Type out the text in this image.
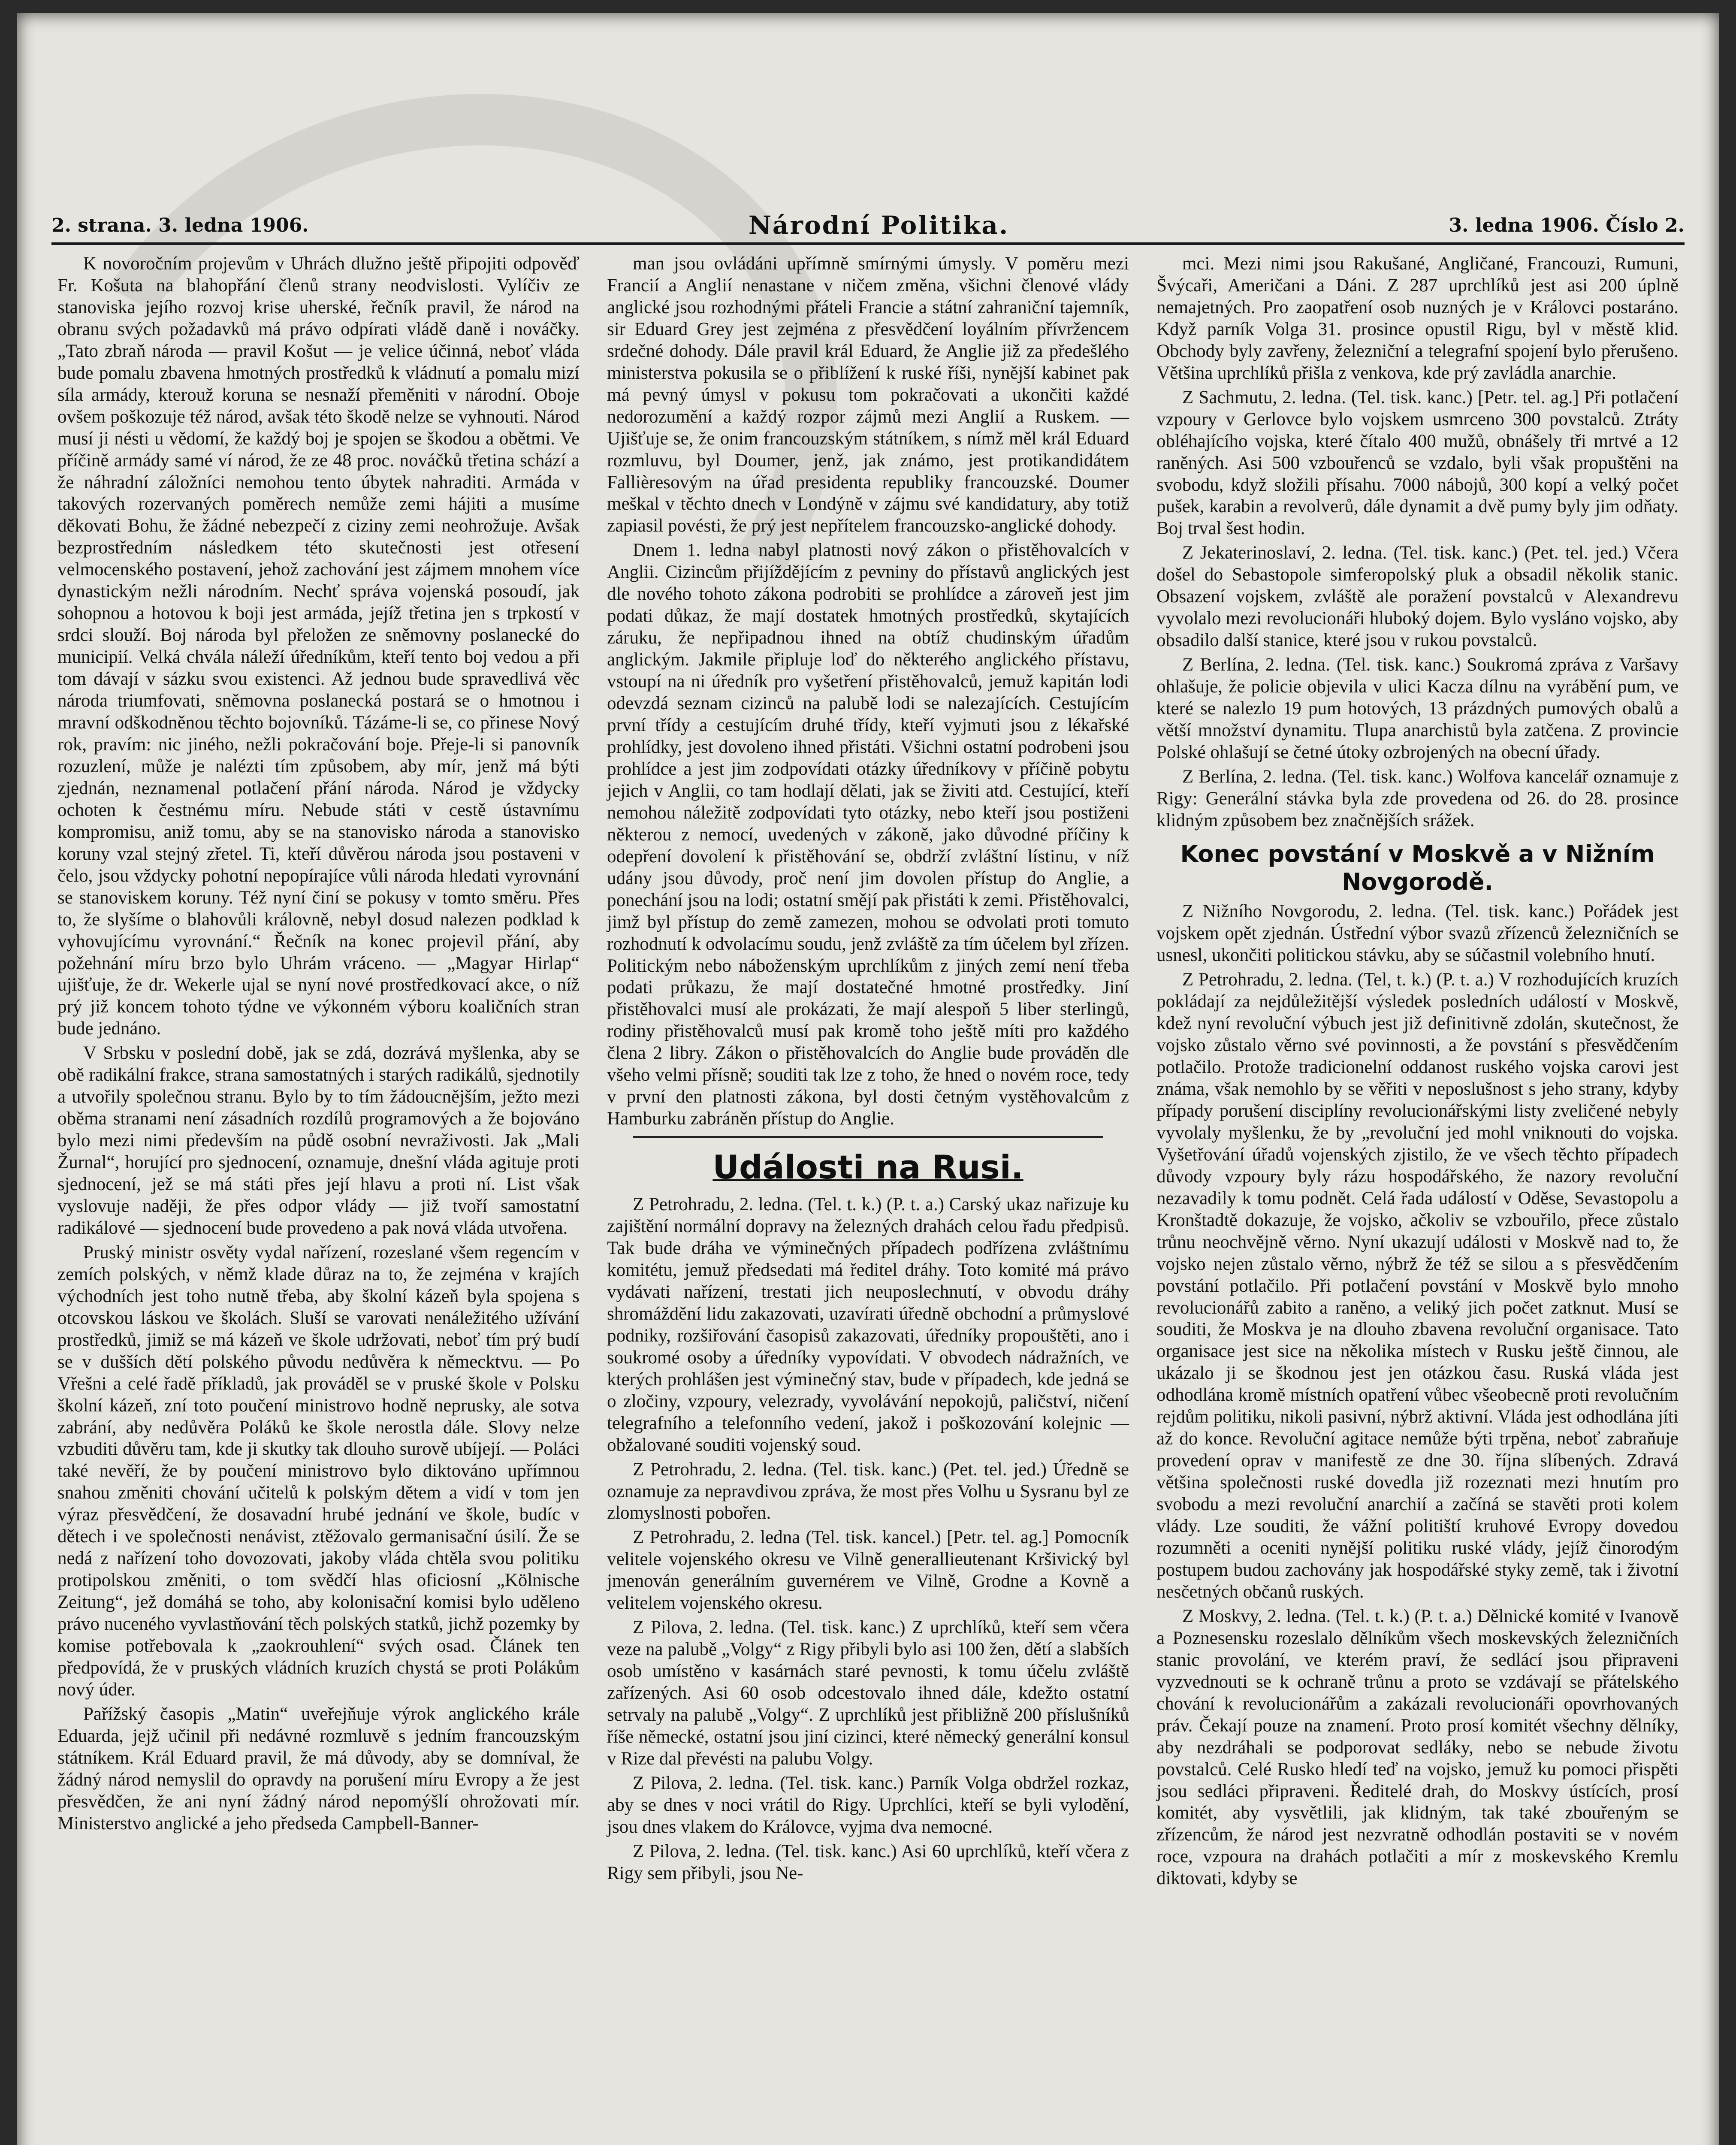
2. strana. 3. ledna 1906.	Národní Politika.	3. ledna 1906. Číslo 2.

K novoročním projevům v Uhrách dlužno ještě připojiti odpověď Fr. Košuta na blahopřání členů strany neodvislosti. Vylíčiv ze stanoviska jejího rozvoj krise uherské, řečník pravil, že národ na obranu svých požadavků má právo odpírati vládě daně i nováčky. „Tato zbraň národa — pravil Košut — je velice účinná, neboť vláda bude pomalu zbavena hmotných prostředků k vládnutí a pomalu mizí síla armády, kterouž koruna se nesnaží přeměniti v národní. Oboje ovšem poškozuje též národ, avšak této škodě nelze se vyhnouti. Národ musí ji nésti u vědomí, že každý boj je spojen se škodou a obětmi. Ve příčině armády samé ví národ, že ze 48 proc. nováčků třetina schází a že náhradní záložníci nemohou tento úbytek nahraditi. Armáda v takových rozervaných poměrech nemůže zemi hájiti a musíme děkovati Bohu, že žádné nebezpečí z ciziny zemi neohrožuje. Avšak bezprostředním následkem této skutečnosti jest otřesení velmocenského postavení, jehož zachování jest zájmem mnohem více dynastickým nežli národním. Nechť správa vojenská posoudí, jak sohopnou a hotovou k boji jest armáda, jejíž třetina jen s trpkostí v srdci slouží. Boj národa byl přeložen ze sněmovny poslanecké do municipií. Velká chvála náleží úředníkům, kteří tento boj vedou a při tom dávají v sázku svou existenci. Až jednou bude spravedlivá věc národa triumfovati, sněmovna poslanecká postará se o hmotnou i mravní odškodněnou těchto bojovníků. Tázáme-li se, co přinese Nový rok, pravím: nic jiného, nežli pokračování boje. Přeje-li si panovník rozuzlení, může je nalézti tím způsobem, aby mír, jenž má býti zjednán, neznamenal potlačení přání národa. Národ je vždycky ochoten k čestnému míru. Nebude státi v cestě ústavnímu kompromisu, aniž tomu, aby se na stanovisko národa a stanovisko koruny vzal stejný zřetel. Ti, kteří důvěrou národa jsou postaveni v čelo, jsou vždycky pohotní nepopírajíce vůli národa hledati vyrovnání se stanoviskem koruny. Též nyní činí se pokusy v tomto směru. Přes to, že slyšíme o blahovůli královně, nebyl dosud nalezen podklad k vyhovujícímu vyrovnání.“ Řečník na konec projevil přání, aby požehnání míru brzo bylo Uhrám vráceno. — „Magyar Hirlap“ ujišťuje, že dr. Wekerle ujal se nyní nové prostředkovací akce, o níž prý již koncem tohoto týdne ve výkonném výboru koaličních stran bude jednáno.

V Srbsku v poslední době, jak se zdá, dozrává myšlenka, aby se obě radikální frakce, strana samostatných i starých radikálů, sjednotily a utvořily společnou stranu. Bylo by to tím žádoucnějším, ježto mezi oběma stranami není zásadních rozdílů programových a že bojováno bylo mezi nimi především na půdě osobní nevraživosti. Jak „Mali Žurnal“, horující pro sjednocení, oznamuje, dnešní vláda agituje proti sjednocení, jež se má státi přes její hlavu a proti ní. List však vyslovuje naději, že přes odpor vlády — již tvoří samostatní radikálové — sjednocení bude provedeno a pak nová vláda utvořena.

Pruský ministr osvěty vydal nařízení, rozeslané všem regencím v zemích polských, v němž klade důraz na to, že zejména v krajích východních jest toho nutně třeba, aby školní kázeň byla spojena s otcovskou láskou ve školách. Sluší se varovati nenáležitého užívání prostředků, jimiž se má kázeň ve škole udržovati, neboť tím prý budí se v dušších dětí polského původu nedůvěra k německtvu. — Po Vřešni a celé řadě příkladů, jak prováděl se v pruské škole v Polsku školní kázeň, zní toto poučení ministrovo hodně neprusky, ale sotva zabrání, aby nedůvěra Poláků ke škole nerostla dále. Slovy nelze vzbuditi důvěru tam, kde ji skutky tak dlouho surově ubíjejí. — Poláci také nevěří, že by poučení ministrovo bylo diktováno upřímnou snahou změniti chování učitelů k polským dětem a vidí v tom jen výraz přesvědčení, že dosavadní hrubé jednání ve škole, budíc v dětech i ve společnosti nenávist, ztěžovalo germanisační úsilí. Že se nedá z nařízení toho dovozovati, jakoby vláda chtěla svou politiku protipolskou změniti, o tom svědčí hlas oficiosní „Kölnische Zeitung“, jež domáhá se toho, aby kolonisační komisi bylo uděleno právo nuceného vyvlastňování těch polských statků, jichž pozemky by komise potřebovala k „zaokrouhlení“ svých osad. Článek ten předpovídá, že v pruských vládních kruzích chystá se proti Polákům nový úder.

Pařížský časopis „Matin“ uveřejňuje výrok anglického krále Eduarda, jejž učinil při nedávné rozmluvě s jedním francouzským státníkem. Král Eduard pravil, že má důvody, aby se domníval, že žádný národ nemyslil do opravdy na porušení míru Evropy a že jest přesvědčen, že ani nyní žádný národ nepomýšlí ohrožovati mír. Ministerstvo anglické a jeho předseda Campbell-Banner-

man jsou ovládáni upřímně smírnými úmysly. V poměru mezi Francií a Anglií nenastane v ničem změna, všichni členové vlády anglické jsou rozhodnými přáteli Francie a státní zahraniční tajemník, sir Eduard Grey jest zejména z přesvědčení loyálním přívržencem srdečné dohody. Dále pravil král Eduard, že Anglie již za předešlého ministerstva pokusila se o přiblížení k ruské říši, nynější kabinet pak má pevný úmysl v pokusu tom pokračovati a ukončiti každé nedorozumění a každý rozpor zájmů mezi Anglií a Ruskem. — Ujišťuje se, že onim francouzským státníkem, s nímž měl král Eduard rozmluvu, byl Doumer, jenž, jak známo, jest protikandidátem Fallièresovým na úřad presidenta republiky francouzské. Doumer meškal v těchto dnech v Londýně v zájmu své kandidatury, aby totiž zapiasil povésti, že prý jest nepřítelem francouzsko-anglické dohody.

Dnem 1. ledna nabyl platnosti nový zákon o přistěhovalcích v Anglii. Cizincům přijíždějícím z pevniny do přístavů anglických jest dle nového tohoto zákona podrobiti se prohlídce a zároveň jest jim podati důkaz, že mají dostatek hmotných prostředků, skytajících záruku, že nepřipadnou ihned na obtíž chudinským úřadům anglickým. Jakmile připluje loď do některého anglického přístavu, vstoupí na ni úředník pro vyšetření přistěhovalců, jemuž kapitán lodi odevzdá seznam cizinců na palubě lodi se nalezajících. Cestujícím první třídy a cestujícím druhé třídy, kteří vyjmuti jsou z lékařské prohlídky, jest dovoleno ihned přistáti. Všichni ostatní podrobeni jsou prohlídce a jest jim zodpovídati otázky úředníkovy v příčině pobytu jejich v Anglii, co tam hodlají dělati, jak se živiti atd. Cestující, kteří nemohou náležitě zodpovídati tyto otázky, nebo kteří jsou postiženi některou z nemocí, uvedených v zákoně, jako důvodné příčiny k odepření dovolení k přistěhování se, obdrží zvláštní lístinu, v níž udány jsou důvody, proč není jim dovolen přístup do Anglie, a ponechání jsou na lodi; ostatní smějí pak přistáti k zemi. Přistěhovalci, jimž byl přístup do země zamezen, mohou se odvolati proti tomuto rozhodnutí k odvolacímu soudu, jenž zvláště za tím účelem byl zřízen. Politickým nebo náboženským uprchlíkům z jiných zemí není třeba podati průkazu, že mají dostatečné hmotné prostředky. Jiní přistěhovalci musí ale prokázati, že mají alespoň 5 liber sterlingů, rodiny přistěhovalců musí pak kromě toho ještě míti pro každého člena 2 libry. Zákon o přistěhovalcích do Anglie bude prováděn dle všeho velmi přísně; souditi tak lze z toho, že hned o novém roce, tedy v první den platnosti zákona, byl dosti četným vystěhovalcům z Hamburku zabráněn přístup do Anglie.

Události na Rusi.

Z Petrohradu, 2. ledna. (Tel. t. k.) (P. t. a.) Carský ukaz nařizuje ku zajištění normální dopravy na železných drahách celou řadu předpisů. Tak bude dráha ve výminečných případech podřízena zvláštnímu komitétu, jemuž předsedati má ředitel dráhy. Toto komité má právo vydávati nařízení, trestati jich neuposlechnutí, v obvodu dráhy shromáždění lidu zakazovati, uzavírati úředně obchodní a průmyslové podniky, rozšiřování časopisů zakazovati, úředníky propouštěti, ano i soukromé osoby a úředníky vypovídati. V obvodech nádražních, ve kterých prohlášen jest výminečný stav, bude v případech, kde jedná se o zločiny, vzpoury, velezrady, vyvolávání nepokojů, paličství, ničení telegrafního a telefonního vedení, jakož i poškozování kolejnic — obžalované souditi vojenský soud.

Z Petrohradu, 2. ledna. (Tel. tisk. kanc.) (Pet. tel. jed.) Úředně se oznamuje za nepravdivou zpráva, že most přes Volhu u Sysranu byl ze zlomyslnosti pobořen.

Z Petrohradu, 2. ledna (Tel. tisk. kancel.) [Petr. tel. ag.] Pomocník velitele vojenského okresu ve Vilně generallieutenant Kršivický byl jmenován generálním guvernérem ve Vilně, Grodne a Kovně a velitelem vojenského okresu.

Z Pilova, 2. ledna. (Tel. tisk. kanc.) Z uprchlíků, kteří sem včera veze na palubě „Volgy“ z Rigy přibyli bylo asi 100 žen, dětí a slabších osob umístěno v kasárnách staré pevnosti, k tomu účelu zvláště zařízených. Asi 60 osob odcestovalo ihned dále, kdežto ostatní setrvaly na palubě „Volgy“. Z uprchlíků jest přibližně 200 příslušníků říše německé, ostatní jsou jiní cizinci, které německý generální konsul v Rize dal převésti na palubu Volgy.

Z Pilova, 2. ledna. (Tel. tisk. kanc.) Parník Volga obdržel rozkaz, aby se dnes v noci vrátil do Rigy. Uprchlíci, kteří se byli vylodění, jsou dnes vlakem do Královce, vyjma dva nemocné.

Z Pilova, 2. ledna. (Tel. tisk. kanc.) Asi 60 uprchlíků, kteří včera z Rigy sem přibyli, jsou Ne-

mci. Mezi nimi jsou Rakušané, Angličané, Francouzi, Rumuni, Švýcaři, Američani a Dáni. Z 287 uprchlíků jest asi 200 úplně nemajetných. Pro zaopatření osob nuzných je v Královci postaráno. Když parník Volga 31. prosince opustil Rigu, byl v městě klid. Obchody byly zavřeny, železniční a telegrafní spojení bylo přerušeno. Většina uprchlíků přišla z venkova, kde prý zavládla anarchie.

Z Sachmutu, 2. ledna. (Tel. tisk. kanc.) [Petr. tel. ag.] Při potlačení vzpoury v Gerlovce bylo vojskem usmrceno 300 povstalců. Ztráty obléhajícího vojska, které čítalo 400 mužů, obnášely tři mrtvé a 12 raněných. Asi 500 vzbouřenců se vzdalo, byli však propuštěni na svobodu, když složili přísahu. 7000 nábojů, 300 kopí a velký počet pušek, karabin a revolverů, dále dynamit a dvě pumy byly jim odňaty. Boj trval šest hodin.

Z Jekaterinoslaví, 2. ledna. (Tel. tisk. kanc.) (Pet. tel. jed.) Včera došel do Sebastopole simferopolský pluk a obsadil několik stanic. Obsazení vojskem, zvláště ale poražení povstalců v Alexandrevu vyvolalo mezi revolucionáři hluboký dojem. Bylo vysláno vojsko, aby obsadilo další stanice, které jsou v rukou povstalců.

Z Berlína, 2. ledna. (Tel. tisk. kanc.) Soukromá zpráva z Varšavy ohlašuje, že policie objevila v ulici Kacza dílnu na vyrábění pum, ve které se nalezlo 19 pum hotových, 13 prázdných pumových obalů a větší množství dynamitu. Tlupa anarchistů byla zatčena. Z provincie Polské ohlašují se četné útoky ozbrojených na obecní úřady.

Z Berlína, 2. ledna. (Tel. tisk. kanc.) Wolfova kancelář oznamuje z Rigy: Generální stávka byla zde provedena od 26. do 28. prosince klidným způsobem bez značnějších srážek.

Konec povstání v Moskvě a v Nižním Novgorodě.

Z Nižního Novgorodu, 2. ledna. (Tel. tisk. kanc.) Pořádek jest vojskem opět zjednán. Ústřední výbor svazů zřízenců železničních se usnesl, ukončiti politickou stávku, aby se súčastnil volebního hnutí.

Z Petrohradu, 2. ledna. (Tel, t. k.) (P. t. a.) V rozhodujících kruzích pokládají za nejdůležitější výsledek posledních událostí v Moskvě, kdež nyní revoluční výbuch jest již definitivně zdolán, skutečnost, že vojsko zůstalo věrno své povinnosti, a že povstání s přesvědčením potlačilo. Protože tradicionelní oddanost ruského vojska carovi jest známa, však nemohlo by se věřiti v neposlušnost s jeho strany, kdyby případy porušení disciplíny revolucionářskými listy zveličené nebyly vyvolaly myšlenku, že by „revoluční jed mohl vniknouti do vojska. Vyšetřování úřadů vojenských zjistilo, že ve všech těchto případech důvody vzpoury byly rázu hospodářského, že nazory revoluční nezavadily k tomu podnět. Celá řada událostí v Oděse, Sevastopolu a Kronštadtě dokazuje, že vojsko, ačkoliv se vzbouřilo, přece zůstalo trůnu neochvějně věrno. Nyní ukazují události v Moskvě nad to, že vojsko nejen zůstalo věrno, nýbrž že též se silou a s přesvědčením povstání potlačilo. Při potlačení povstání v Moskvě bylo mnoho revolucionářů zabito a raněno, a veliký jich počet zatknut. Musí se souditi, že Moskva je na dlouho zbavena revoluční organisace. Tato organisace jest sice na několika místech v Rusku ještě činnou, ale ukázalo ji se škodnou jest jen otázkou času. Ruská vláda jest odhodlána kromě místních opatření vůbec všeobecně proti revolučním rejdům politiku, nikoli pasivní, nýbrž aktivní. Vláda jest odhodlána jíti až do konce. Revoluční agitace nemůže býti trpěna, neboť zabraňuje provedení oprav v manifestě ze dne 30. října slíbených. Zdravá většina společnosti ruské dovedla již rozeznati mezi hnutím pro svobodu a mezi revoluční anarchií a začíná se stavěti proti kolem vlády. Lze souditi, že vážní politiští kruhové Evropy dovedou rozumněti a oceniti nynější politiku ruské vlády, jejíž činorodým postupem budou zachovány jak hospodářské styky země, tak i životní nesčetných občanů ruských.

Z Moskvy, 2. ledna. (Tel. t. k.) (P. t. a.) Dělnické komité v Ivanově a Poznesensku rozeslalo dělníkům všech moskevských železničních stanic provolání, ve kterém praví, že sedlácí jsou připraveni vyzvednouti se k ochraně trůnu a proto se vzdávají se přátelského chování k revolucionářům a zakázali revolucionáři opovrhovaných práv. Čekají pouze na znamení. Proto prosí komitét všechny dělníky, aby nezdráhali se podporovat sedláky, nebo se nebude životu povstalců. Celé Rusko hledí teď na vojsko, jemuž ku pomoci přispěti jsou sedláci připraveni. Ředitelé drah, do Moskvy ústících, prosí komitét, aby vysvětlili, jak klidným, tak také zbouřeným se zřízencům, že národ jest nezvratně odhodlán postaviti se v novém roce, vzpoura na drahách potlačiti a mír z moskevského Kremlu diktovati, kdyby se
